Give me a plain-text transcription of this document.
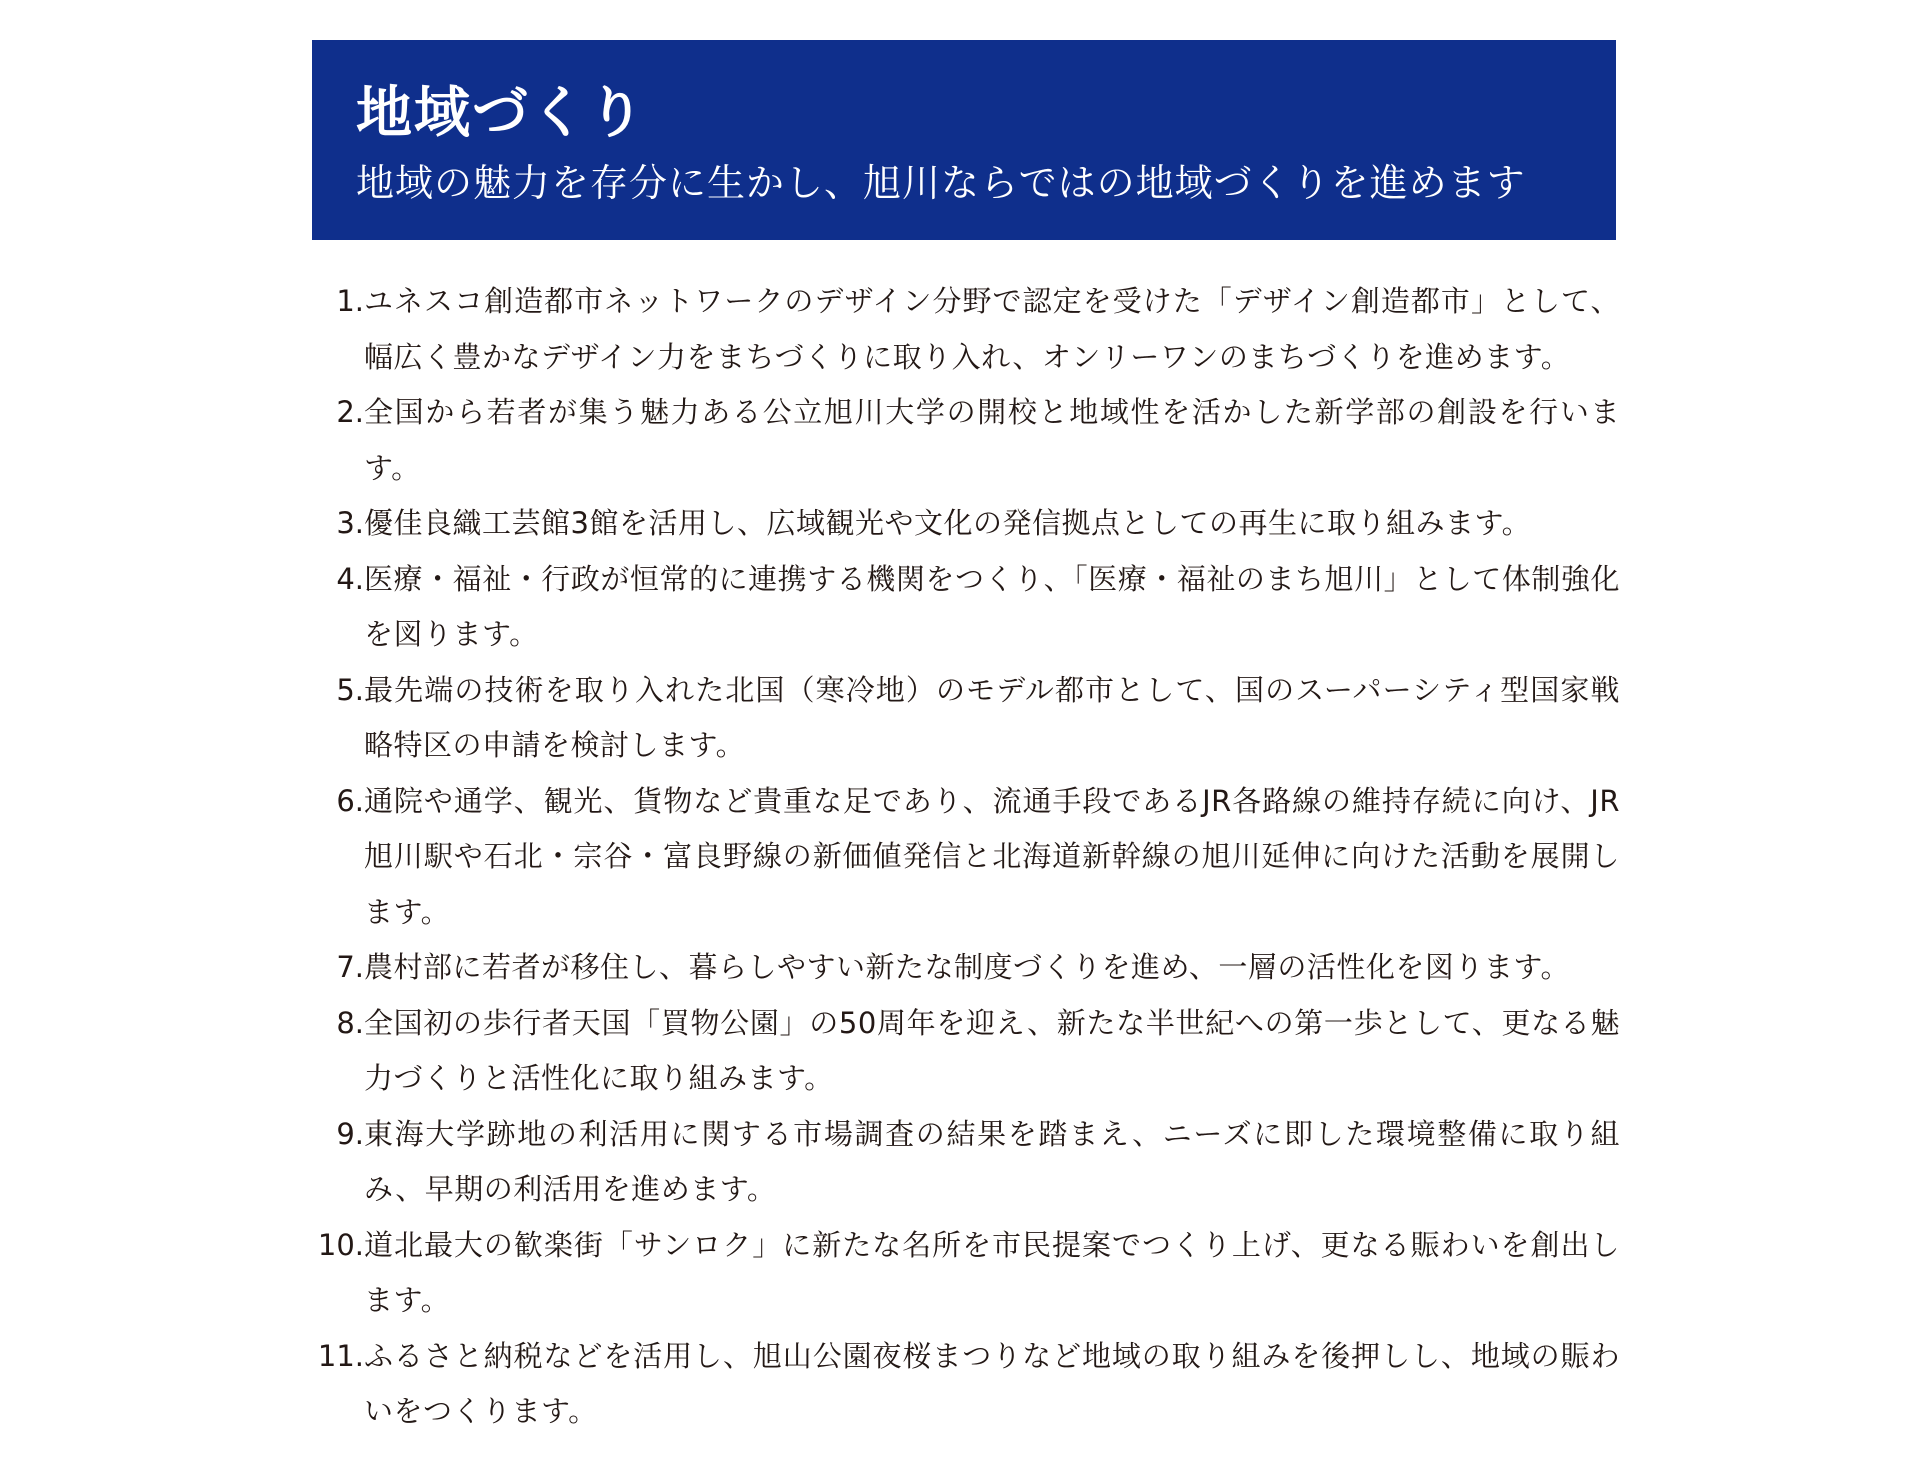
地域づくり
地域の魅力を存分に生かし、旭川ならではの地域づくりを進めます
1. ユネスコ創造都市ネットワークのデザイン分野で認定を受けた「デザイン創造都市」として、幅広く豊かなデザイン力をまちづくりに取り入れ、オンリーワンのまちづくりを進めます。
2. 全国から若者が集う魅力ある公立旭川大学の開校と地域性を活かした新学部の創設を行います。
3. 優佳良織工芸館3館を活用し、広域観光や文化の発信拠点としての再生に取り組みます。
4. 医療・福祉・行政が恒常的に連携する機関をつくり、「医療・福祉のまち旭川」として体制強化を図ります。
5. 最先端の技術を取り入れた北国（寒冷地）のモデル都市として、国のスーパーシティ型国家戦略特区の申請を検討します。
6. 通院や通学、観光、貨物など貴重な足であり、流通手段であるJR各路線の維持存続に向け、JR旭川駅や石北・宗谷・富良野線の新価値発信と北海道新幹線の旭川延伸に向けた活動を展開します。
7. 農村部に若者が移住し、暮らしやすい新たな制度づくりを進め、一層の活性化を図ります。
8. 全国初の歩行者天国「買物公園」の50周年を迎え、新たな半世紀への第一歩として、更なる魅力づくりと活性化に取り組みます。
9. 東海大学跡地の利活用に関する市場調査の結果を踏まえ、ニーズに即した環境整備に取り組み、早期の利活用を進めます。
10. 道北最大の歓楽街「サンロク」に新たな名所を市民提案でつくり上げ、更なる賑わいを創出します。
11. ふるさと納税などを活用し、旭山公園夜桜まつりなど地域の取り組みを後押しし、地域の賑わいをつくります。
